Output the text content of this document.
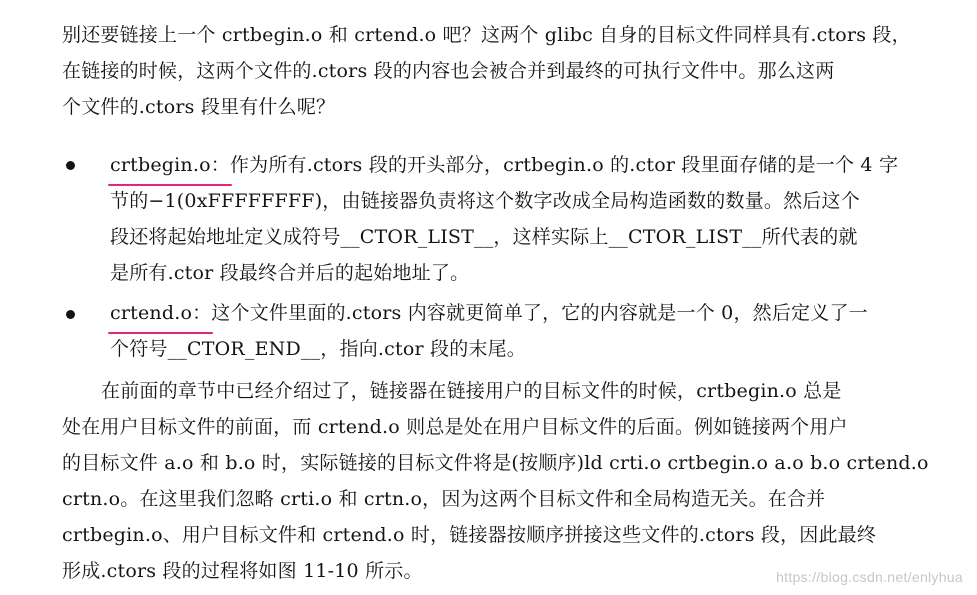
别还要链接上一个 crtbegin.o 和 crtend.o 吧？这两个 glibc 自身的目标文件同样具有.ctors 段，
在链接的时候，这两个文件的.ctors 段的内容也会被合并到最终的可执行文件中。那么这两
个文件的.ctors 段里有什么呢？
crtbegin.o：
作为所有.ctors 段的开头部分，crtbegin.o 的.ctor 段里面存储的是一个 4 字
节的−1(0xFFFFFFFF)，由链接器负责将这个数字改成全局构造函数的数量。然后这个
段还将起始地址定义成符号__CTOR_LIST__，这样实际上__CTOR_LIST__所代表的就
是所有.ctor 段最终合并后的起始地址了。
crtend.o：
这个文件里面的.ctors 内容就更简单了，它的内容就是一个 0，然后定义了一
个符号__CTOR_END__，指向.ctor 段的末尾。
在前面的章节中已经介绍过了，链接器在链接用户的目标文件的时候，crtbegin.o 总是
处在用户目标文件的前面，而 crtend.o 则总是处在用户目标文件的后面。例如链接两个用户
的目标文件 a.o 和 b.o 时，实际链接的目标文件将是(按顺序)ld crti.o crtbegin.o a.o b.o crtend.o
crtn.o。在这里我们忽略 crti.o 和 crtn.o，因为这两个目标文件和全局构造无关。在合并
crtbegin.o、用户目标文件和 crtend.o 时，链接器按顺序拼接这些文件的.ctors 段，因此最终
形成.ctors 段的过程将如图 11-10 所示。	https://blog.csdn.net/enlyhua
